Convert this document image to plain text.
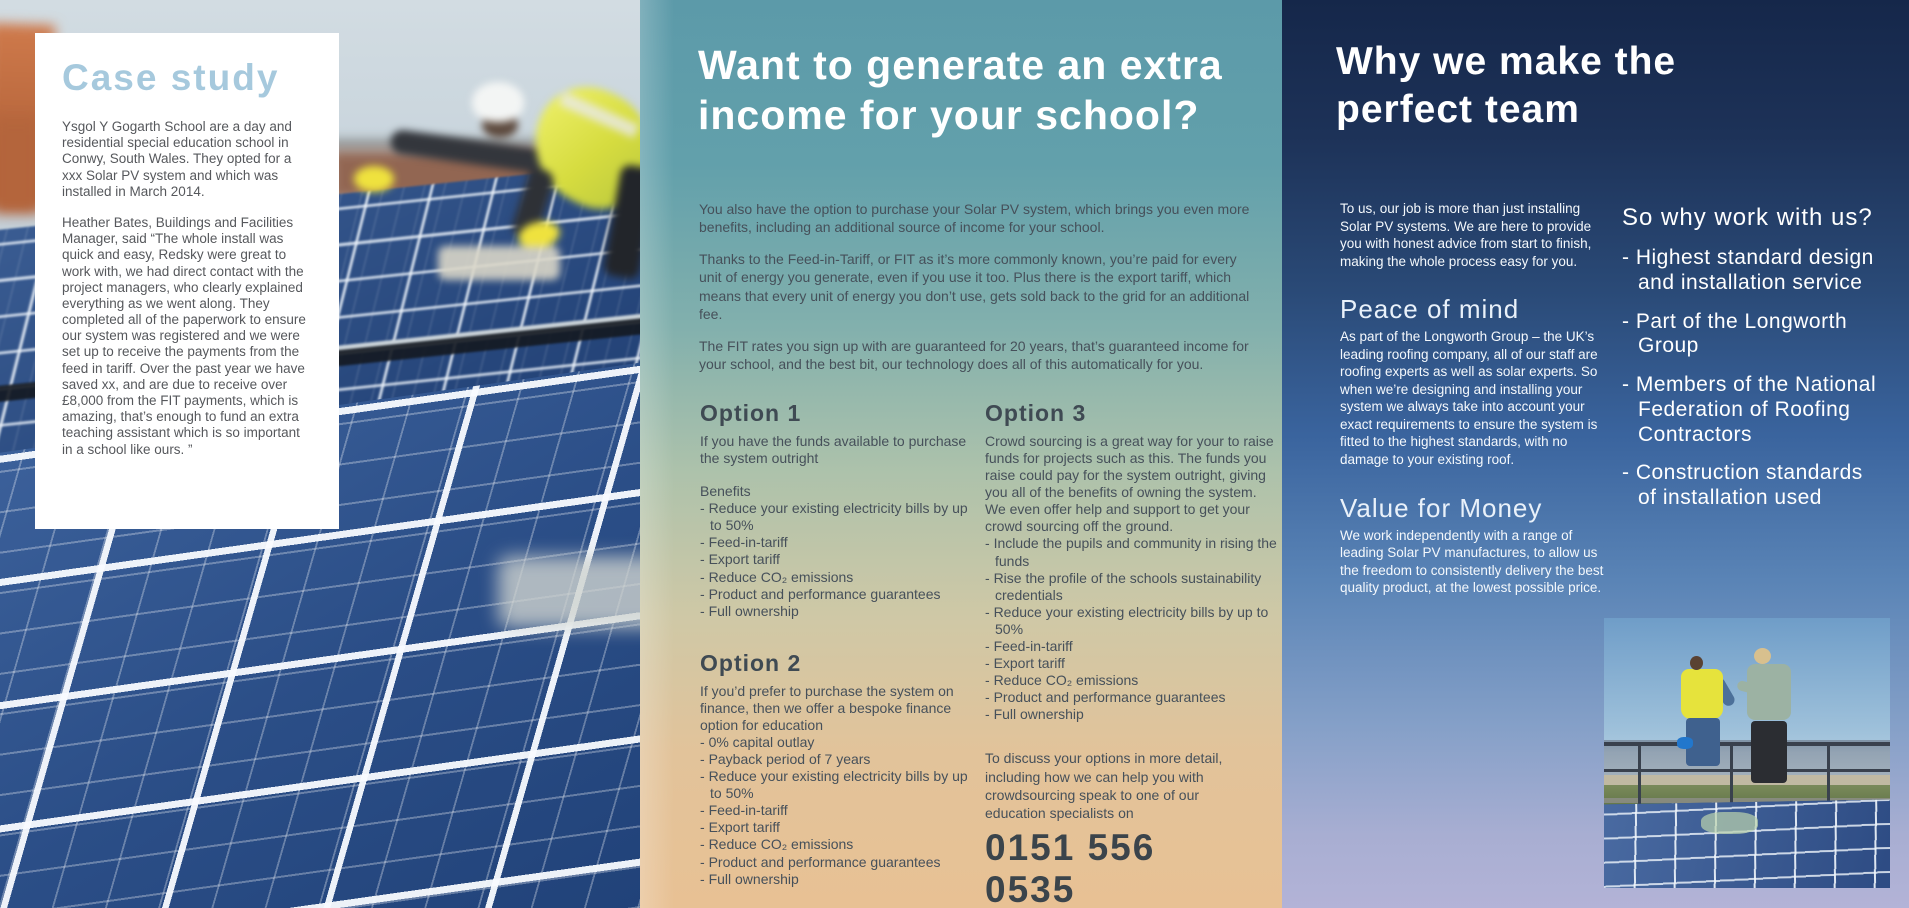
Case study
Ysgol Y Gogarth School are a day and residential special education school in Conwy, South Wales. They opted for a xxx Solar PV system and which was installed in March 2014.
Heather Bates, Buildings and Facilities Manager, said “The whole install was quick and easy, Redsky were great to work with, we had direct contact with the project managers, who clearly explained everything as we went along. They completed all of the paperwork to ensure our system was registered and we were set up to receive the payments from the feed in tariff. Over the past year we have saved xx, and are due to receive over £8,000 from the FIT payments, which is amazing, that’s enough to fund an extra teaching assistant which is so important in a school like ours. ”
Want to generate an extra income for your school?
You also have the option to purchase your Solar PV system, which brings you even more benefits, including an additional source of income for your school.
Thanks to the Feed-in-Tariff, or FIT as it’s more commonly known, you’re paid for every unit of energy you generate, even if you use it too. Plus there is the export tariff, which means that every unit of energy you don’t use, gets sold back to the grid for an additional fee.
The FIT rates you sign up with are guaranteed for 20 years, that’s guaranteed income for your school, and the best bit, our technology does all of this automatically for you.
Option 1
If you have the funds available to purchase the system outright
Benefits
- Reduce your existing electricity bills by up to 50%
- Feed-in-tariff
- Export tariff
- Reduce CO₂ emissions
- Product and performance guarantees
- Full ownership
Option 2
If you’d prefer to purchase the system on finance, then we offer a bespoke finance option for education
- 0% capital outlay
- Payback period of 7 years
- Reduce your existing electricity bills by up to 50%
- Feed-in-tariff
- Export tariff
- Reduce CO₂ emissions
- Product and performance guarantees
- Full ownership
Option 3
Crowd sourcing is a great way for your to raise funds for projects such as this. The funds you raise could pay for the system outright, giving you all of the benefits of owning the system. We even offer help and support to get your crowd sourcing off the ground.
- Include the pupils and community in rising the funds
- Rise the profile of the schools sustainability credentials
- Reduce your existing electricity bills by up to 50%
- Feed-in-tariff
- Export tariff
- Reduce CO₂ emissions
- Product and performance guarantees
- Full ownership
To discuss your options in more detail, including how we can help you with crowdsourcing speak to one of our education specialists on
0151 556 0535
Why we make the perfect team
To us, our job is more than just installing Solar PV systems. We are here to provide you with honest advice from start to finish, making the whole process easy for you.
Peace of mind
As part of the Longworth Group – the UK’s leading roofing company, all of our staff are roofing experts as well as solar experts. So when we’re designing and installing your system we always take into account your exact requirements to ensure the system is fitted to the highest standards, with no damage to your existing roof.
Value for Money
We work independently with a range of leading Solar PV manufactures, to allow us the freedom to consistently delivery the best quality product, at the lowest possible price.
So why work with us?
- Highest standard design and installation service
- Part of the Longworth Group
- Members of the National Federation of Roofing Contractors
- Construction standards of installation used
